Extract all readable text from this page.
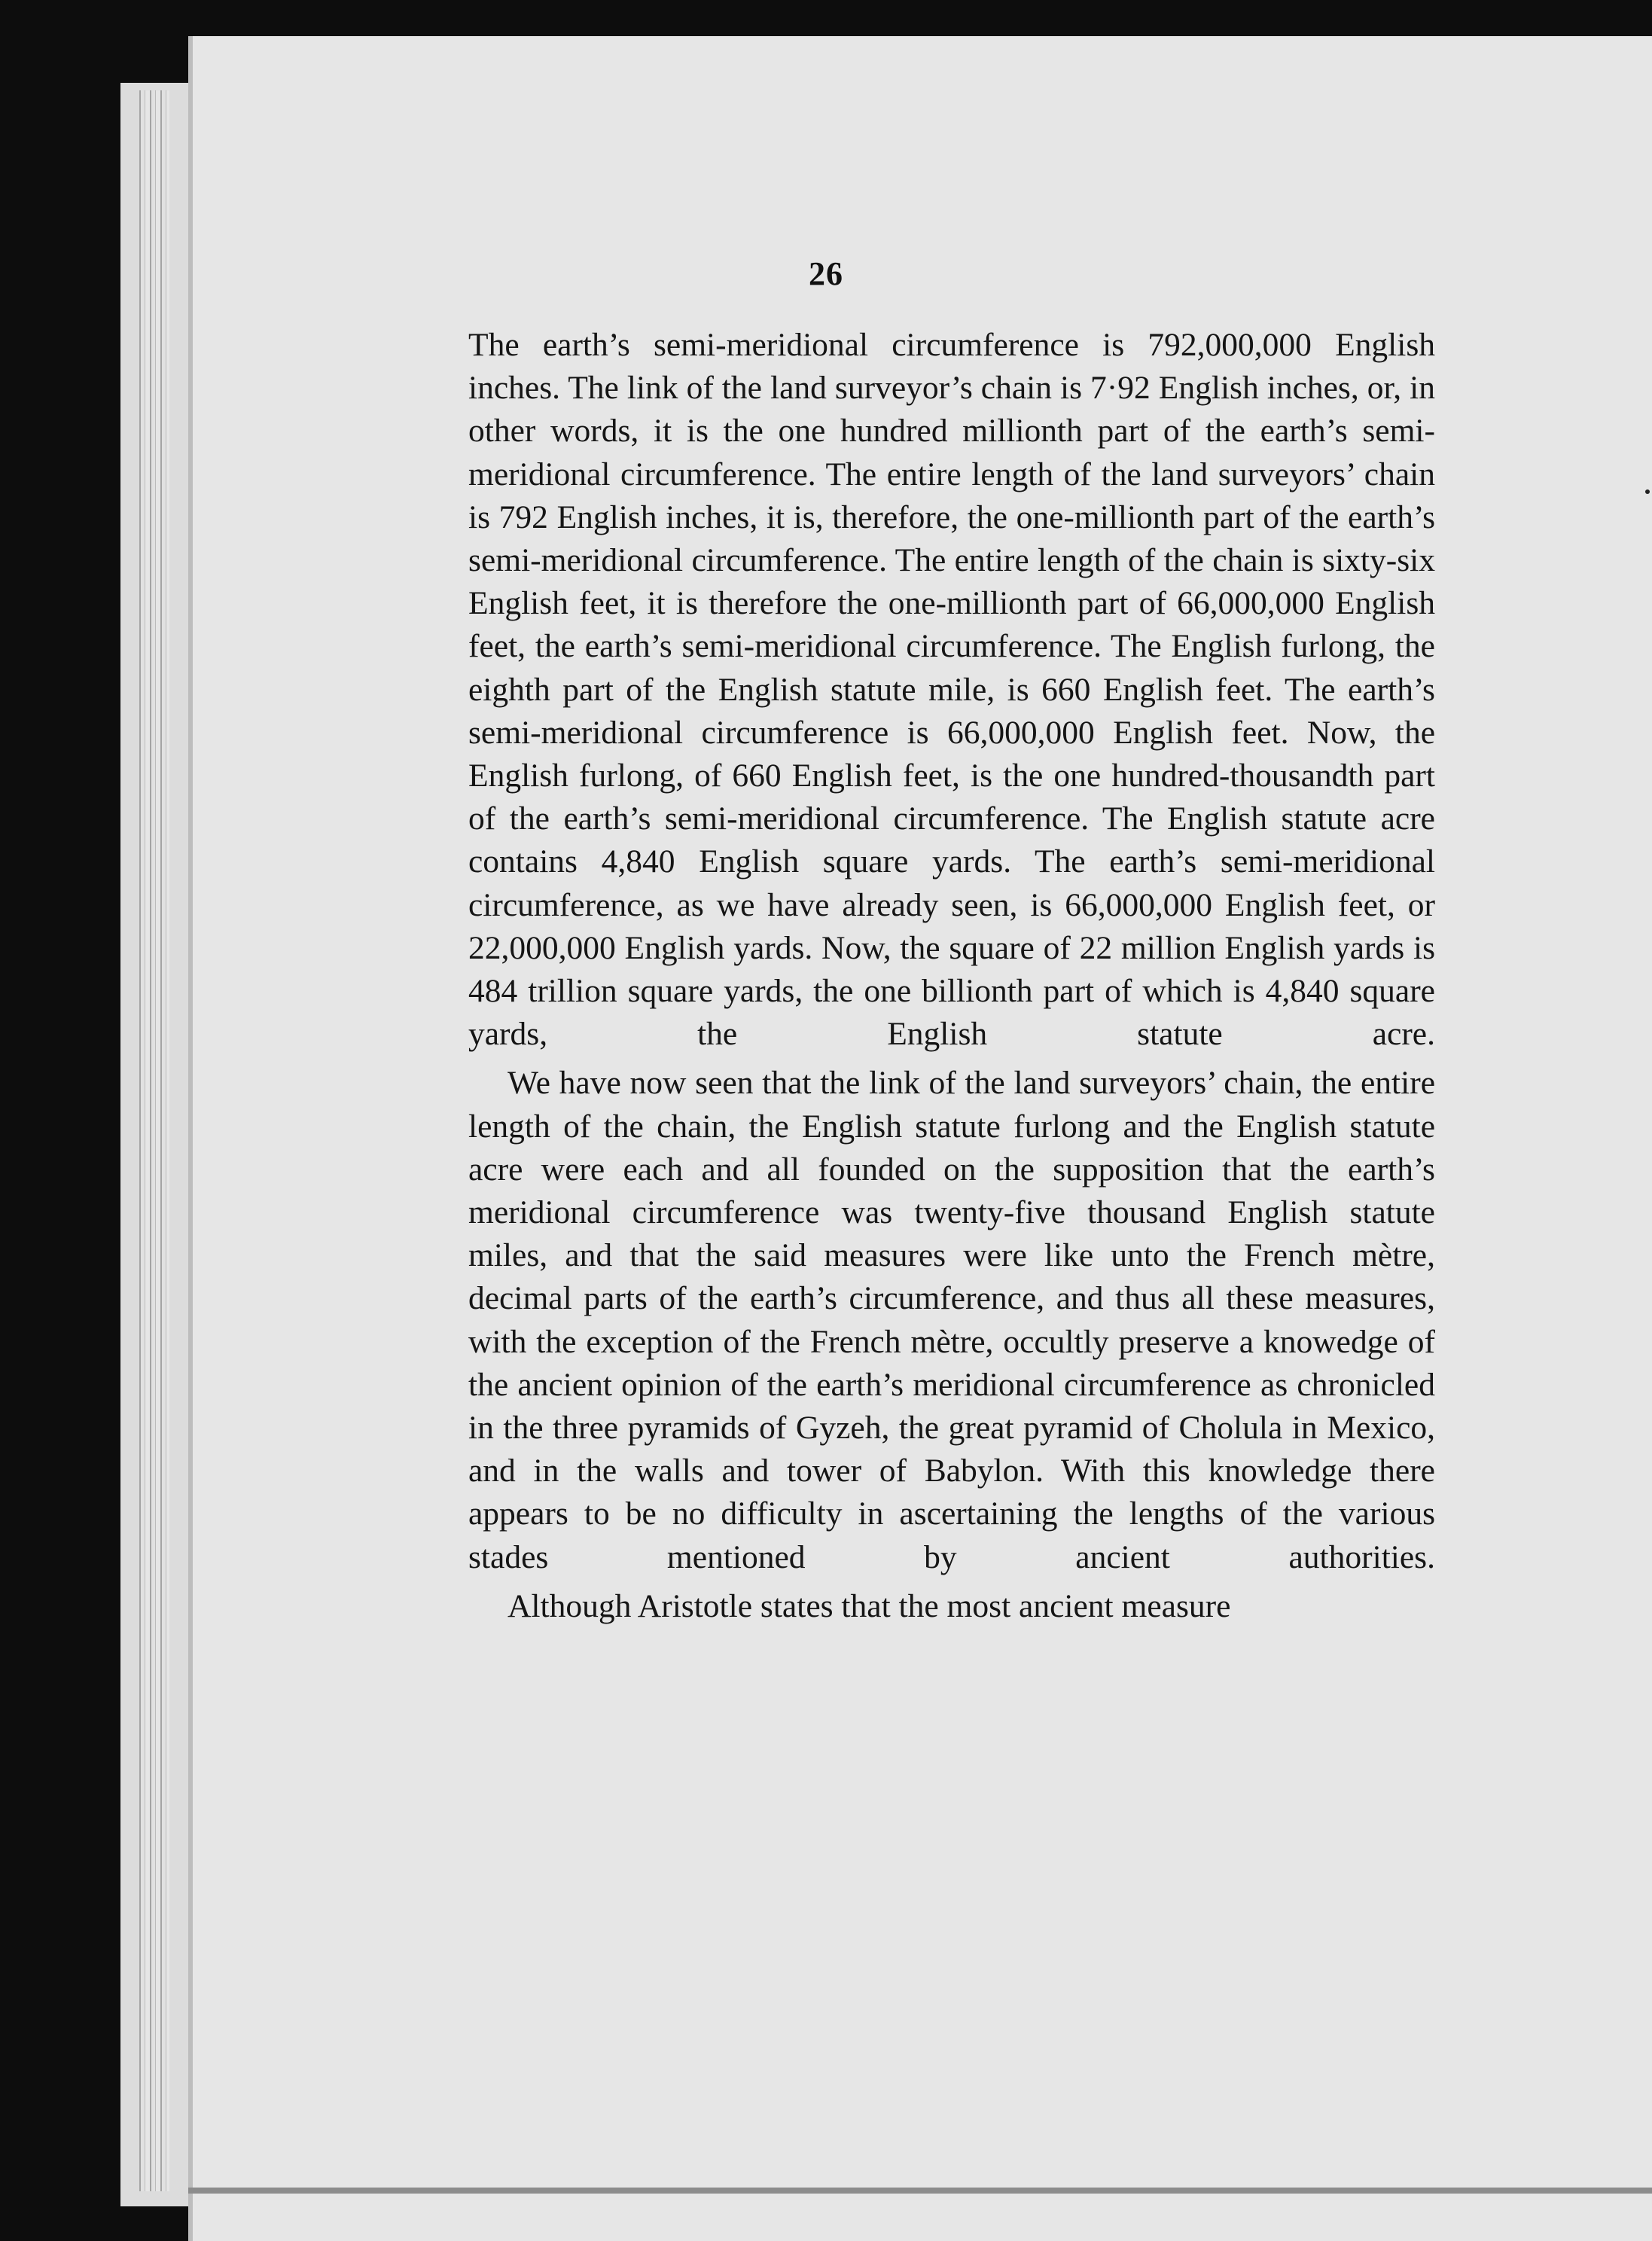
26

The earth’s semi-meridional circumference is 792,000,000 English inches. The link of the land surveyor’s chain is 7·92 English inches, or, in other words, it is the one hundred millionth part of the earth’s semi-meridional circumference. The entire length of the land surveyors’ chain is 792 English inches, it is, therefore, the one-millionth part of the earth’s semi-meridional circumference. The entire length of the chain is sixty-six English feet, it is therefore the one-millionth part of 66,000,000 English feet, the earth’s semi-meridional circumference. The English furlong, the eighth part of the English statute mile, is 660 English feet. The earth’s semi-meridional circumference is 66,000,000 English feet. Now, the English furlong, of 660 English feet, is the one hundred-thousandth part of the earth’s semi-meridional circumference. The English statute acre contains 4,840 English square yards. The earth’s semi-meridional circumference, as we have already seen, is 66,000,000 English feet, or 22,000,000 English yards. Now, the square of 22 million English yards is 484 trillion square yards, the one billionth part of which is 4,840 square yards, the English statute acre.

We have now seen that the link of the land surveyors’ chain, the entire length of the chain, the English statute furlong and the English statute acre were each and all founded on the supposition that the earth’s meridional circumference was twenty-five thousand English statute miles, and that the said measures were like unto the French mètre, decimal parts of the earth’s circumference, and thus all these measures, with the exception of the French mètre, occultly preserve a knowedge of the ancient opinion of the earth’s meridional circumference as chronicled in the three pyramids of Gyzeh, the great pyramid of Cholula in Mexico, and in the walls and tower of Babylon. With this knowledge there appears to be no difficulty in ascertaining the lengths of the various stades mentioned by ancient authorities.

Although Aristotle states that the most ancient measure
